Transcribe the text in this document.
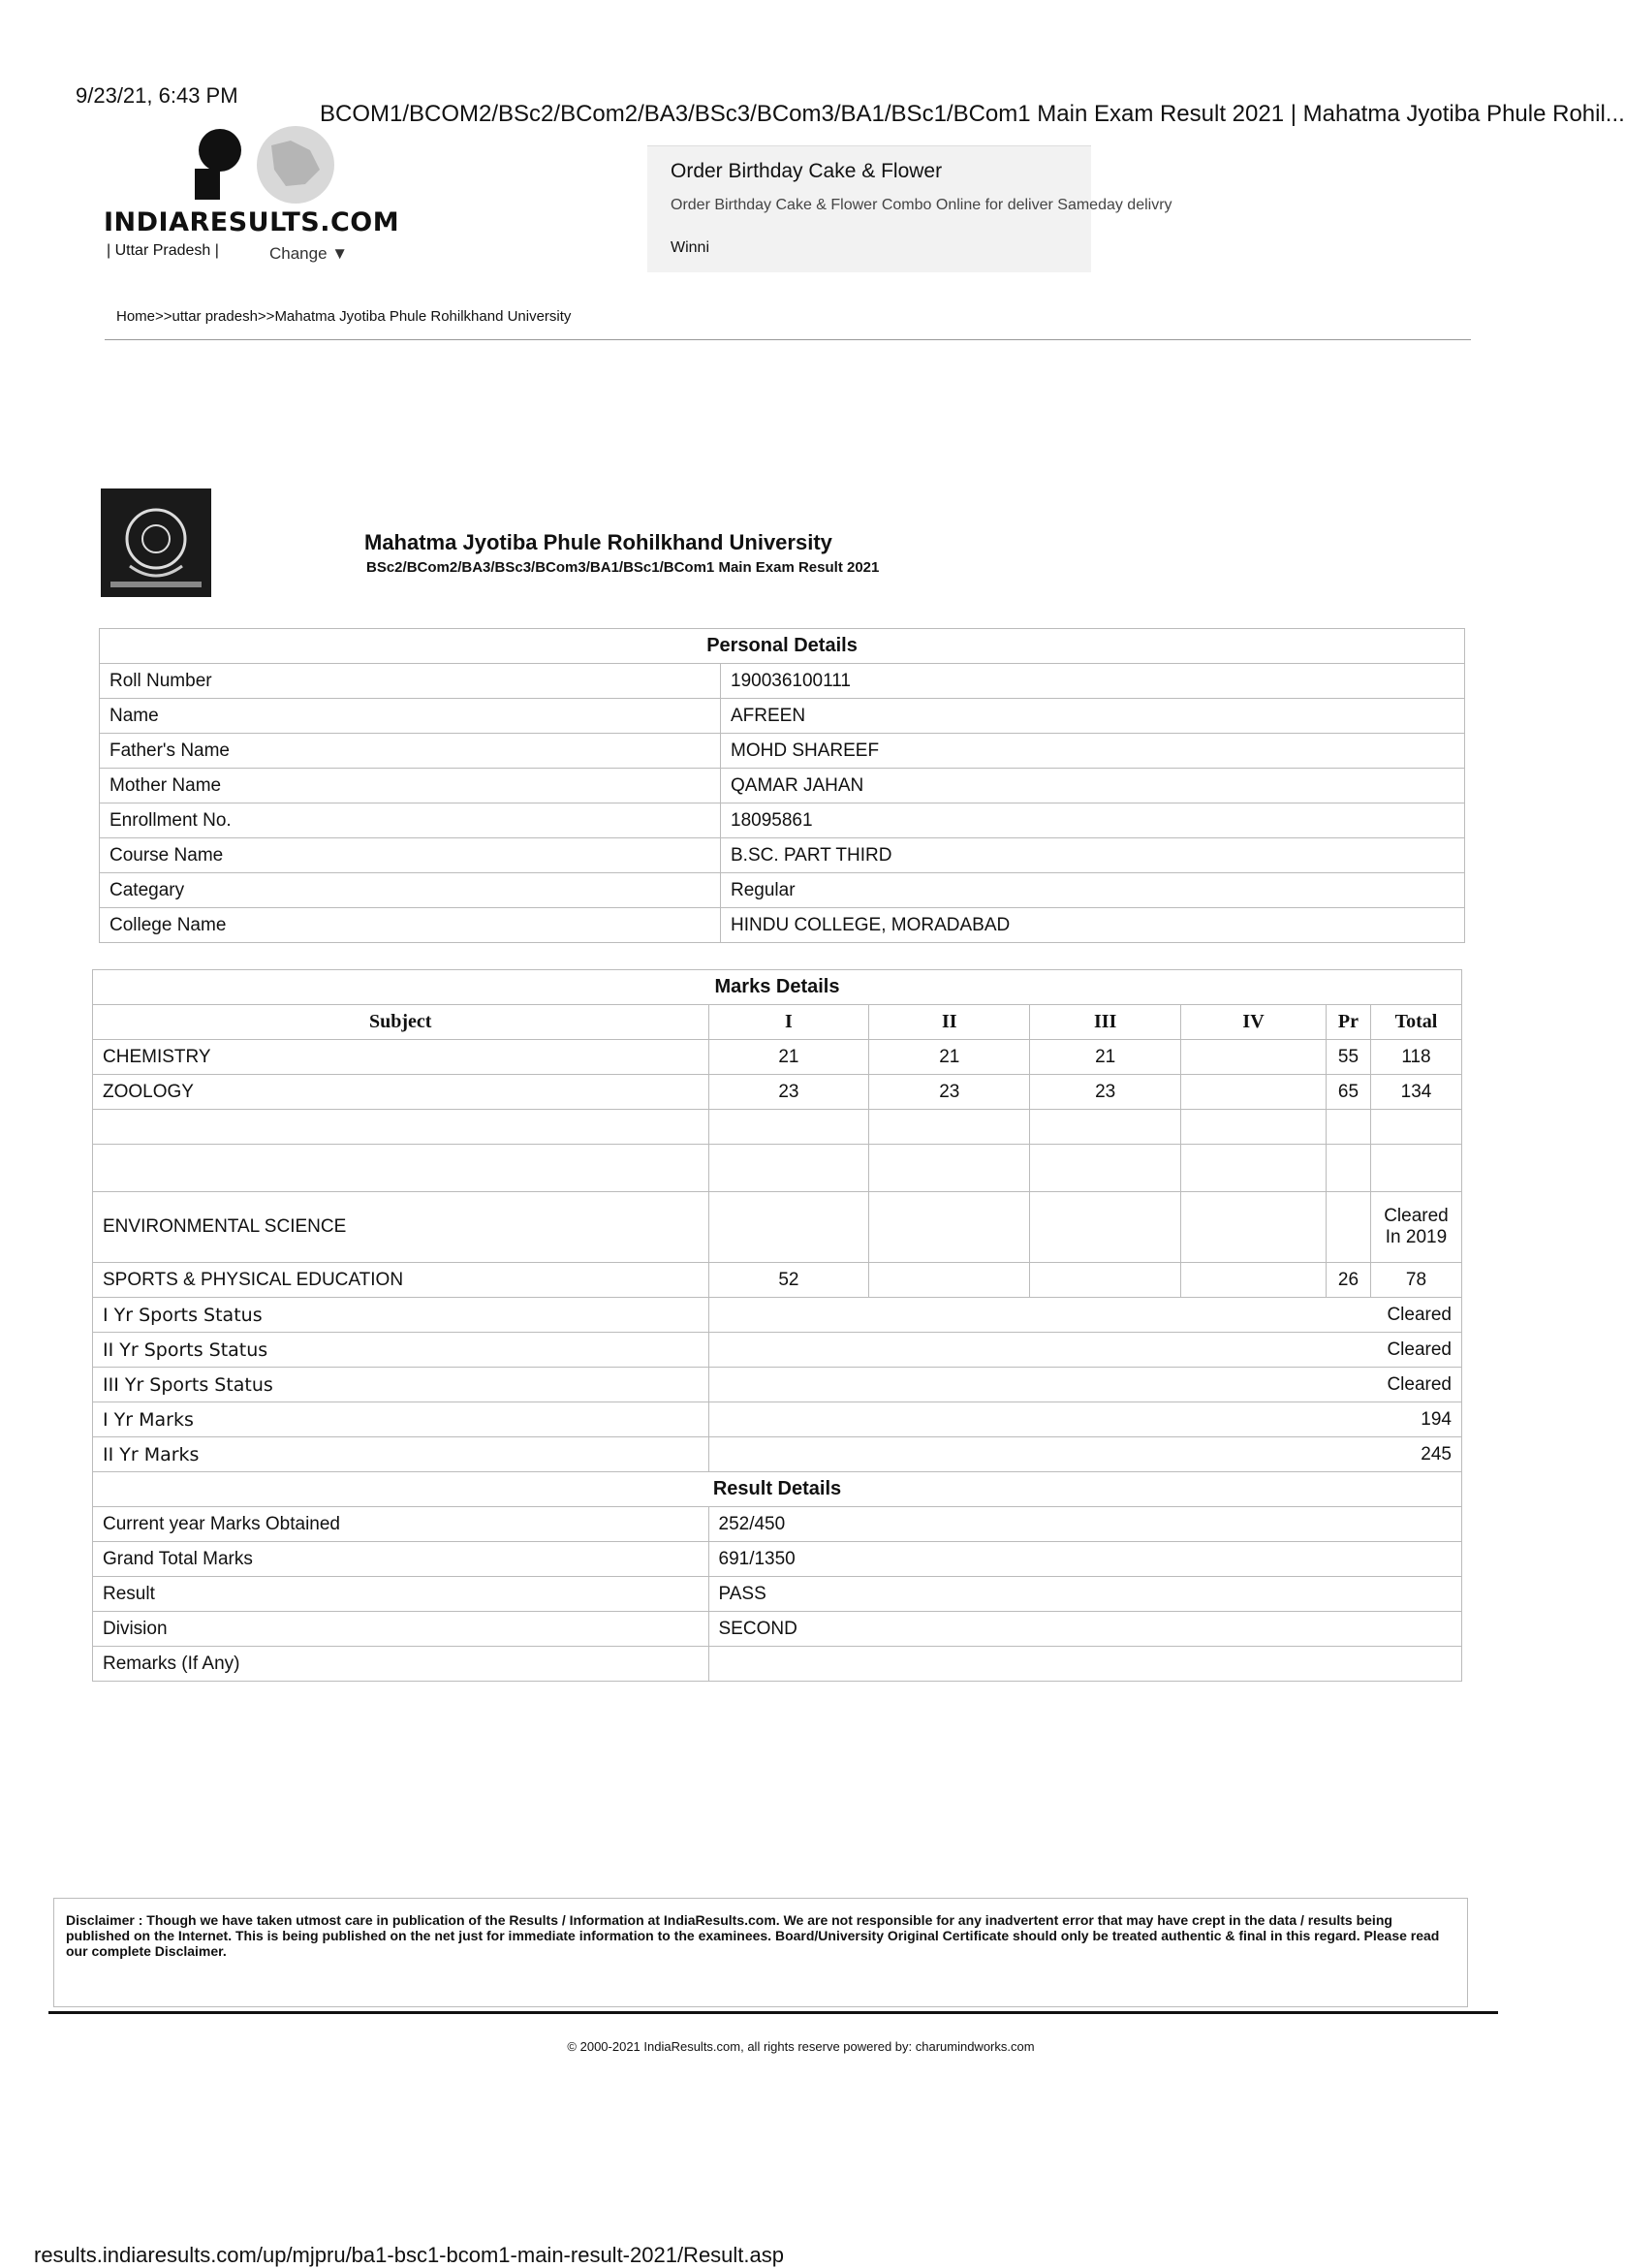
9/23/21, 6:43 PM
BCOM1/BCOM2/BSc2/BCom2/BA3/BSc3/BCom3/BA1/BSc1/BCom1 Main Exam Result 2021 | Mahatma Jyotiba Phule Rohil...
INDIARESULTS.COM
| Uttar Pradesh |	Change ▼
Order Birthday Cake & Flower
Order Birthday Cake & Flower Combo Online for deliver Sameday delivry
Winni
Home>>uttar pradesh>>Mahatma Jyotiba Phule Rohilkhand University
Mahatma Jyotiba Phule Rohilkhand University
BSc2/BCom2/BA3/BSc3/BCom3/BA1/BSc1/BCom1 Main Exam Result 2021
Personal Details	
Roll Number	190036100111
Name	AFREEN
Father's Name	MOHD SHAREEF
Mother Name	QAMAR JAHAN
Enrollment No.	18095861
Course Name	B.SC. PART THIRD
Categary	Regular
College Name	HINDU COLLEGE, MORADABAD
Marks Details						
Subject	I	II	III	IV	Pr	Total
CHEMISTRY	21	21	21		55	118
ZOOLOGY	23	23	23		65	134

ENVIRONMENTAL SCIENCE						Cleared In 2019
SPORTS & PHYSICAL EDUCATION	52				26	78
I Yr Sports Status	Cleared					
II Yr Sports Status	Cleared					
III Yr Sports Status	Cleared					
I Yr Marks	194					
II Yr Marks	245					
Result Details						
Current year Marks Obtained	252/450					
Grand Total Marks	691/1350					
Result	PASS					
Division	SECOND					
Remarks (If Any)						
Disclaimer : Though we have taken utmost care in publication of the Results / Information at IndiaResults.com. We are not responsible for any inadvertent error that may have crept in the data / results being published on the Internet. This is being published on the net just for immediate information to the examinees. Board/University Original Certificate should only be treated authentic & final in this regard. Please read our complete Disclaimer.
© 2000-2021 IndiaResults.com, all rights reserve powered by: charumindworks.com
results.indiaresults.com/up/mjpru/ba1-bsc1-bcom1-main-result-2021/Result.asp
